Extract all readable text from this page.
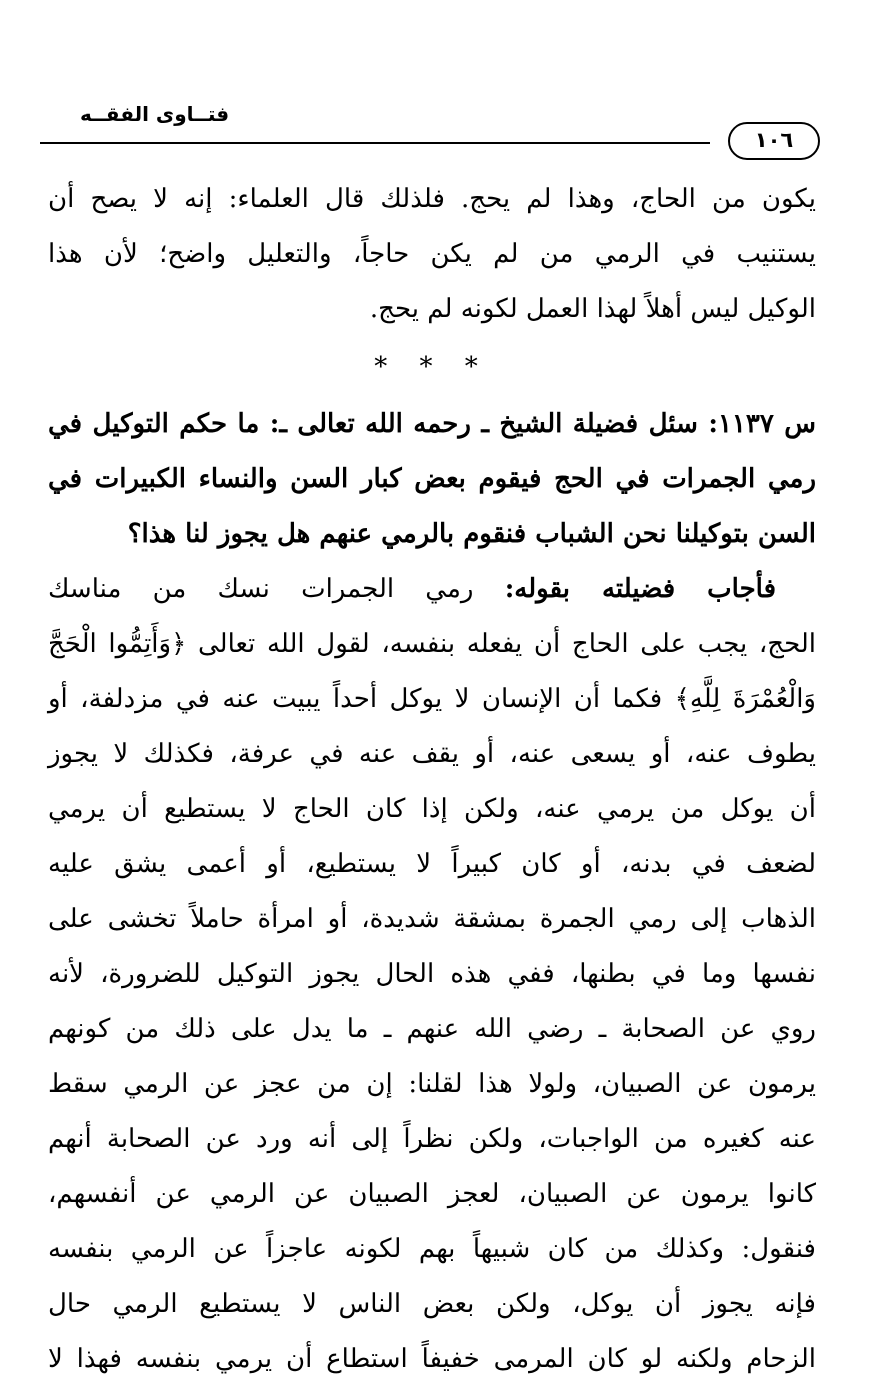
فتــاوى الفقــه
١٠٦
يكون من الحاج، وهذا لم يحج. فلذلك قال العلماء: إنه لا يصح أن
يستنيب في الرمي من لم يكن حاجاً، والتعليل واضح؛ لأن هذا
الوكيل ليس أهلاً لهذا العمل لكونه لم يحج.
* * *
س ١١٣٧: سئل فضيلة الشيخ ـ رحمه الله تعالى ـ: ما حكم التوكيل في
رمي الجمرات في الحج فيقوم بعض كبار السن والنساء الكبيرات في
السن بتوكيلنا نحن الشباب فنقوم بالرمي عنهم هل يجوز لنا هذا؟
فأجاب فضيلته بقوله: رمي الجمرات نسك من مناسك
الحج، يجب على الحاج أن يفعله بنفسه، لقول الله تعالى ﴿وَأَتِمُّوا الْحَجَّ
وَالْعُمْرَةَ لِلَّهِ﴾ فكما أن الإنسان لا يوكل أحداً يبيت عنه في مزدلفة، أو
يطوف عنه، أو يسعى عنه، أو يقف عنه في عرفة، فكذلك لا يجوز
أن يوكل من يرمي عنه، ولكن إذا كان الحاج لا يستطيع أن يرمي
لضعف في بدنه، أو كان كبيراً لا يستطيع، أو أعمى يشق عليه
الذهاب إلى رمي الجمرة بمشقة شديدة، أو امرأة حاملاً تخشى على
نفسها وما في بطنها، ففي هذه الحال يجوز التوكيل للضرورة، لأنه
روي عن الصحابة ـ رضي الله عنهم ـ ما يدل على ذلك من كونهم
يرمون عن الصبيان، ولولا هذا لقلنا: إن من عجز عن الرمي سقط
عنه كغيره من الواجبات، ولكن نظراً إلى أنه ورد عن الصحابة أنهم
كانوا يرمون عن الصبيان، لعجز الصبيان عن الرمي عن أنفسهم،
فنقول: وكذلك من كان شبيهاً بهم لكونه عاجزاً عن الرمي بنفسه
فإنه يجوز أن يوكل، ولكن بعض الناس لا يستطيع الرمي حال
الزحام ولكنه لو كان المرمى خفيفاً استطاع أن يرمي بنفسه فهذا لا
